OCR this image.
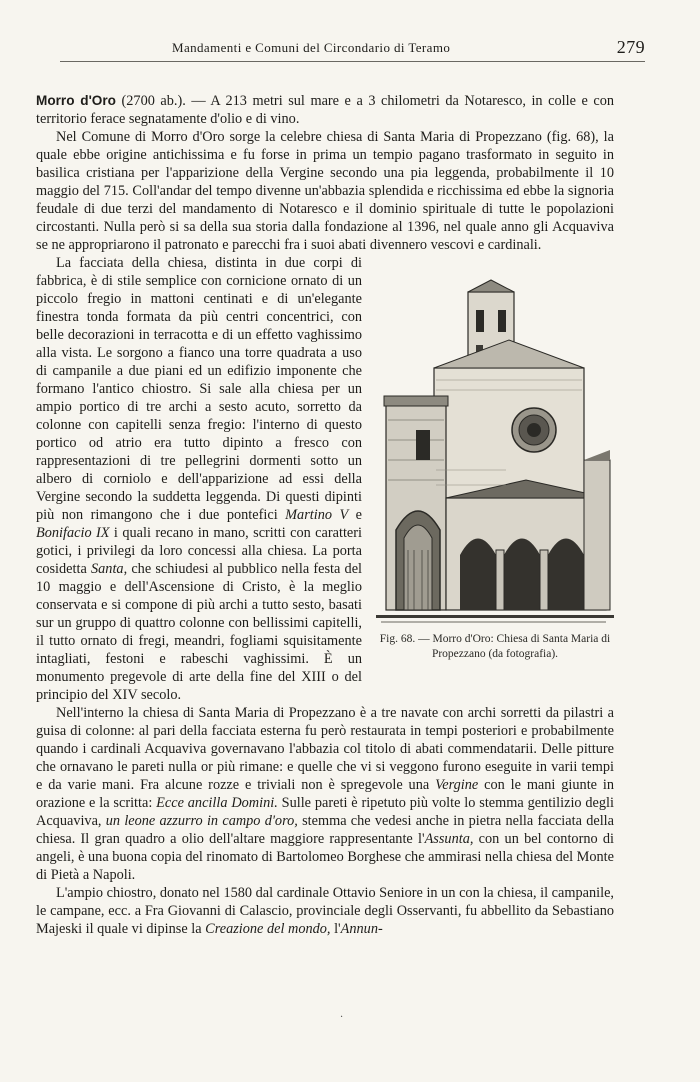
Mandamenti e Comuni del Circondario di Teramo	279

Morro d'Oro (2700 ab.). — A 213 metri sul mare e a 3 chilometri da Notaresco, in colle e con territorio ferace segnatamente d'olio e di vino.

Nel Comune di Morro d'Oro sorge la celebre chiesa di Santa Maria di Propezzano (fig. 68), la quale ebbe origine antichissima e fu forse in prima un tempio pagano trasformato in seguito in basilica cristiana per l'apparizione della Vergine secondo una pia leggenda, probabilmente il 10 maggio del 715. Coll'andar del tempo divenne un'abbazia splendida e ricchissima ed ebbe la signoria feudale di due terzi del mandamento di Notaresco e il dominio spirituale di tutte le popolazioni circostanti. Nulla però si sa della sua storia dalla fondazione al 1396, nel quale anno gli Acquaviva se ne appropriarono il patronato e parecchi fra i suoi abati divennero vescovi e cardinali.

Fig. 68. — Morro d'Oro: Chiesa di Santa Maria di Propezzano (da fotografia).

La facciata della chiesa, distinta in due corpi di fabbrica, è di stile semplice con cornicione ornato di un piccolo fregio in mattoni centinati e di un'elegante finestra tonda formata da più centri concentrici, con belle decorazioni in terracotta e di un effetto vaghissimo alla vista. Le sorgono a fianco una torre quadrata a uso di campanile a due piani ed un edifizio imponente che formano l'antico chiostro. Si sale alla chiesa per un ampio portico di tre archi a sesto acuto, sorretto da colonne con capitelli senza fregio: l'interno di questo portico od atrio era tutto dipinto a fresco con rappresentazioni di tre pellegrini dormenti sotto un albero di corniolo e dell'apparizione ad essi della Vergine secondo la suddetta leggenda. Di questi dipinti più non rimangono che i due pontefici Martino V e Bonifacio IX i quali recano in mano, scritti con caratteri gotici, i privilegi da loro concessi alla chiesa. La porta cosidetta Santa, che schiudesi al pubblico nella festa del 10 maggio e dell'Ascensione di Cristo, è la meglio conservata e si compone di più archi a tutto sesto, basati sur un gruppo di quattro colonne con bellissimi capitelli, il tutto ornato di fregi, meandri, fogliami squisitamente intagliati, festoni e rabeschi vaghissimi. È un monumento pregevole di arte della fine del XIII o del principio del XIV secolo.

Nell'interno la chiesa di Santa Maria di Propezzano è a tre navate con archi sorretti da pilastri a guisa di colonne: al pari della facciata esterna fu però restaurata in tempi posteriori e probabilmente quando i cardinali Acquaviva governavano l'abbazia col titolo di abati commendatarii. Delle pitture che ornavano le pareti nulla or più rimane: e quelle che vi si veggono furono eseguite in varii tempi e da varie mani. Fra alcune rozze e triviali non è spregevole una Vergine con le mani giunte in orazione e la scritta: Ecce ancilla Domini. Sulle pareti è ripetuto più volte lo stemma gentilizio degli Acquaviva, un leone azzurro in campo d'oro, stemma che vedesi anche in pietra nella facciata della chiesa. Il gran quadro a olio dell'altare maggiore rappresentante l'Assunta, con un bel contorno di angeli, è una buona copia del rinomato di Bartolomeo Borghese che ammirasi nella chiesa del Monte di Pietà a Napoli.

L'ampio chiostro, donato nel 1580 dal cardinale Ottavio Seniore in un con la chiesa, il campanile, le campane, ecc. a Fra Giovanni di Calascio, provinciale degli Osservanti, fu abbellito da Sebastiano Majeski il quale vi dipinse la Creazione del mondo, l'Annun-

·
